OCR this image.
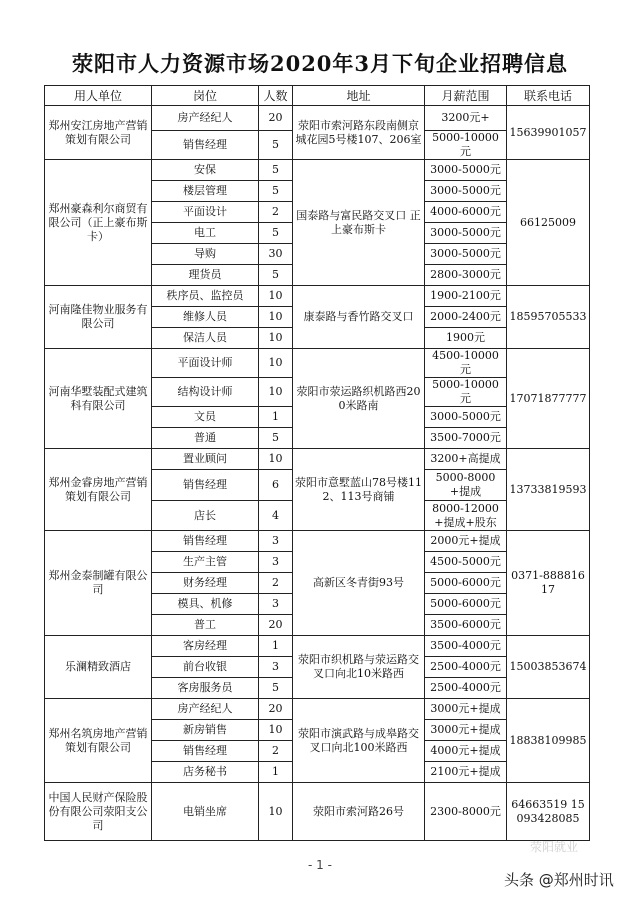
荥阳市人力资源市场2020年3月下旬企业招聘信息
用人单位	岗位	人数	地址	月薪范围	联系电话
郑州安江房地产营销策划有限公司	房产经纪人	20	荥阳市索河路东段南侧京城花园5号楼107、206室	3200元+	15639901057
	销售经理	5		5000-10000元	
郑州豪森利尔商贸有限公司（正上豪布斯卡）	安保	5	国泰路与富民路交叉口 正上豪布斯卡	3000-5000元	66125009
	楼层管理	5		3000-5000元	
	平面设计	2		4000-6000元	
	电工	5		3000-5000元	
	导购	30		3000-5000元	
	理货员	5		2800-3000元	
河南隆佳物业服务有限公司	秩序员、监控员	10	康泰路与香竹路交叉口	1900-2100元	18595705533
	维修人员	10		2000-2400元	
	保洁人员	10		1900元	
河南华墅装配式建筑科有限公司	平面设计师	10	荥阳市荥运路织机路西200米路南	4500-10000元	17071877777
	结构设计师	10		5000-10000元	
	文员	1		3000-5000元	
	普通	5		3500-7000元	
郑州金睿房地产营销策划有限公司	置业顾问	10	荥阳市意墅蓝山78号楼112、113号商铺	3200+高提成	13733819593
	销售经理	6		5000-8000 +提成	
	店长	4		8000-12000 +提成+股东	
郑州金泰制罐有限公司	销售经理	3	高新区冬青街93号	2000元+提成	0371-88881617
	生产主管	3		4500-5000元	
	财务经理	2		5000-6000元	
	模具、机修	3		5000-6000元	
	普工	20		3500-6000元	
乐澜精致酒店	客房经理	1	荥阳市织机路与荥运路交叉口向北10米路西	3500-4000元	15003853674
	前台收银	3		2500-4000元	
	客房服务员	5		2500-4000元	
郑州名筑房地产营销策划有限公司	房产经纪人	20	荥阳市演武路与成皋路交叉口向北100米路西	3000元+提成	18838109985
	新房销售	10		3000元+提成	
	销售经理	2		4000元+提成	
	店务秘书	1		2100元+提成	
中国人民财产保险股份有限公司荥阳支公司	电销坐席	10	荥阳市索河路26号	2300-8000元	64663519 15093428085
- 1 -
荥阳就业
头条 @郑州时讯
